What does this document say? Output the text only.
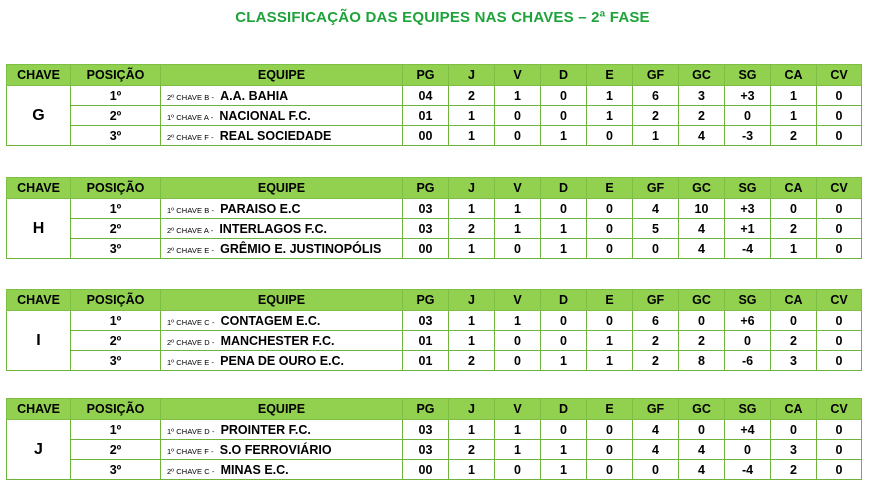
CLASSIFICAÇÃO DAS EQUIPES NAS CHAVES – 2ª FASE
CHAVE	POSIÇÃO	EQUIPE	PG	J	V	D	E	GF	GC	SG	CA	CV
G	1º	2º CHAVE B - A.A. BAHIA	04	2	1	0	1	6	3	+3	1	0
	2º	1º CHAVE A - NACIONAL F.C.	01	1	0	0	1	2	2	0	1	0
	3º	2º CHAVE F - REAL SOCIEDADE	00	1	0	1	0	1	4	-3	2	0
CHAVE	POSIÇÃO	EQUIPE	PG	J	V	D	E	GF	GC	SG	CA	CV
H	1º	1º CHAVE B - PARAISO E.C	03	1	1	0	0	4	10	+3	0	0
	2º	2º CHAVE A - INTERLAGOS F.C.	03	2	1	1	0	5	4	+1	2	0
	3º	2º CHAVE E - GRÊMIO E. JUSTINOPÓLIS	00	1	0	1	0	0	4	-4	1	0
CHAVE	POSIÇÃO	EQUIPE	PG	J	V	D	E	GF	GC	SG	CA	CV
I	1º	1º CHAVE C - CONTAGEM E.C.	03	1	1	0	0	6	0	+6	0	0
	2º	2º CHAVE D - MANCHESTER F.C.	01	1	0	0	1	2	2	0	2	0
	3º	1º CHAVE E - PENA DE OURO E.C.	01	2	0	1	1	2	8	-6	3	0
CHAVE	POSIÇÃO	EQUIPE	PG	J	V	D	E	GF	GC	SG	CA	CV
J	1º	1º CHAVE D - PROINTER F.C.	03	1	1	0	0	4	0	+4	0	0
	2º	1º CHAVE F - S.O FERROVIÁRIO	03	2	1	1	0	4	4	0	3	0
	3º	2º CHAVE C - MINAS E.C.	00	1	0	1	0	0	4	-4	2	0
